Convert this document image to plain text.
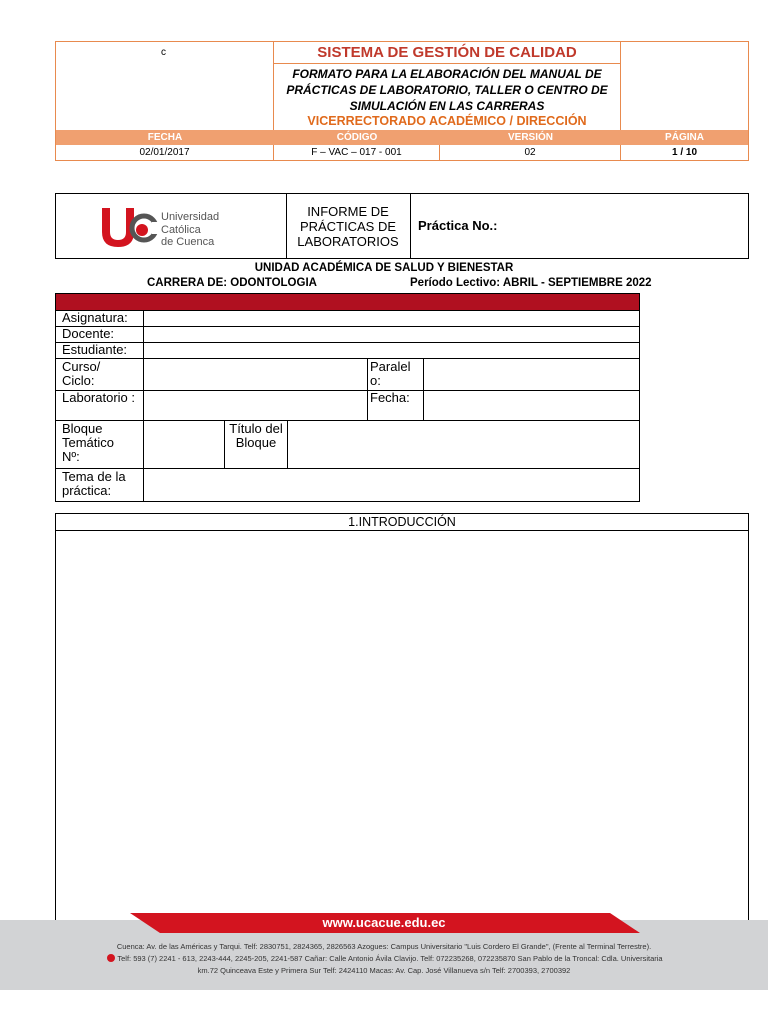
c	SISTEMA DE GESTIÓN DE CALIDAD
FORMATO PARA LA ELABORACIÓN DEL MANUAL DE PRÁCTICAS DE LABORATORIO, TALLER O CENTRO DE SIMULACIÓN EN LAS CARRERAS
VICERRECTORADO ACADÉMICO / DIRECCIÓN
FECHA	CÓDIGO	VERSIÓN	PÁGINA
02/01/2017	F – VAC – 017 - 001	02	1 / 10
Universidad
Católica
de Cuenca
INFORME DE PRÁCTICAS DE LABORATORIOS
Práctica No.:
UNIDAD ACADÉMICA DE SALUD Y BIENESTAR
CARRERA DE: ODONTOLOGIA	Período Lectivo: ABRIL - SEPTIEMBRE 2022
Asignatura:
Docente:
Estudiante:
Curso/ Ciclo:
Paralel o:
Laboratorio :	Fecha:
Bloque Temático Nº:
Título del Bloque
Tema de la práctica:
1.INTRODUCCIÓN
www.ucacue.edu.ec
Cuenca: Av. de las Américas y Tarqui. Telf: 2830751, 2824365, 2826563 Azogues: Campus Universitario "Luis Cordero El Grande", (Frente al Terminal Terrestre).
Telf: 593 (7) 2241 - 613, 2243-444, 2245-205, 2241-587 Cañar: Calle Antonio Ávila Clavijo. Telf: 072235268, 072235870 San Pablo de la Troncal: Cdla. Universitaria
km.72 Quinceava Este y Primera Sur Telf: 2424110 Macas: Av. Cap. José Villanueva s/n Telf: 2700393, 2700392
